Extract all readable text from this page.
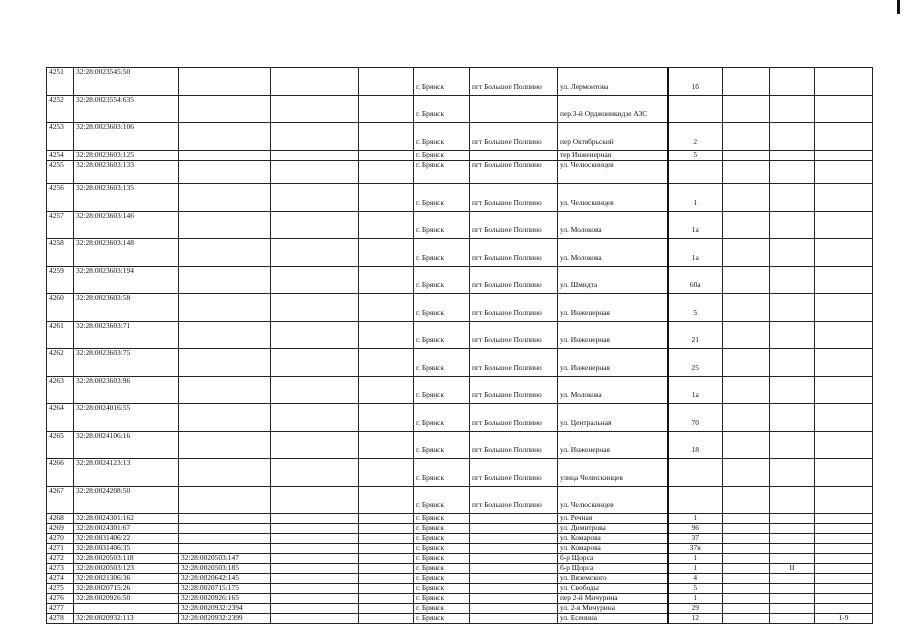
4251	32:28:0023545:50				г. Брянск	пгт Большое Полпино	ул. Лермонтова	1б			
4252	32:28:0023554:635				г. Брянск		пер.3-й Орджоникидзе АЗС				
4253	32:28:0023603:106				г. Брянск	пгт Большое Полпино	пер Октябрьский	2			
4254	32:28:0023603:125				г. Брянск		тер Инженерная	5			
4255	32:28:0023603:133				г. Брянск	пгт Большое Полпино	ул. Челюскинцев				
4256	32:28:0023603:135				г. Брянск	пгт Большое Полпино	ул. Челюскинцев	1			
4257	32:28:0023603:146				г. Брянск	пгт Большое Полпино	ул. Молокова	1а			
4258	32:28:0023603:148				г. Брянск	пгт Большое Полпино	ул. Молокова	1а			
4259	32:28:0023603:194				г. Брянск	пгт Большое Полпино	ул. Шмидта	60а			
4260	32:28:0023603:58				г. Брянск	пгт Большое Полпино	ул. Инженерная	5			
4261	32:28:0023603:71				г. Брянск	пгт Большое Полпино	ул. Инженерная	21			
4262	32:28:0023603:75				г. Брянск	пгт Большое Полпино	ул. Инженерная	25			
4263	32:28:0023603:96				г. Брянск	пгт Большое Полпино	ул. Молокова	1а			
4264	32:28:0024016:55				г. Брянск	пгт Большое Полпино	ул. Центральная	70			
4265	32:28:0024106:16				г. Брянск	пгт Большое Полпино	ул. Инженерная	18			
4266	32:28:0024123:13				г. Брянск	пгт Большое Полпино	улица Челюскинцев				
4267	32:28:0024208:50				г. Брянск	пгт Большое Полпино	ул. Челюскинцев				
4268	32:28:0024301:162				г. Брянск		ул. Речная	1			
4269	32:28:0024301:67				г. Брянск		ул. Димитрова	96			
4270	32:28:0031406:22				г. Брянск		ул. Комарова	37			
4271	32:28:0031406:35				г. Брянск		ул. Комарова	37в			
4272	32:28:0020503:118	32:28:0020503:147			г. Брянск		б-р Щорса	1			
4273	32:28:0020503:123	32:28:0020503:185			г. Брянск		б-р Щорса	1		II	
4274	32:28:0021306:36	32:28:0020642:145			г. Брянск		ул. Вяземского	4			
4275	32:28:0020715:26	32:28:0020715:175			г. Брянск		ул. Свободы	5			
4276	32:28:0020926:50	32:28:0020926:165			г. Брянск		пер 2-й Мичурина	1			
4277		32:28:0020932:2394			г. Брянск		ул. 2-я Мичурина	29			
4278	32:28:0020932:113	32:28:0020932:2399			г. Брянск		ул. Есенина	12			1-9
